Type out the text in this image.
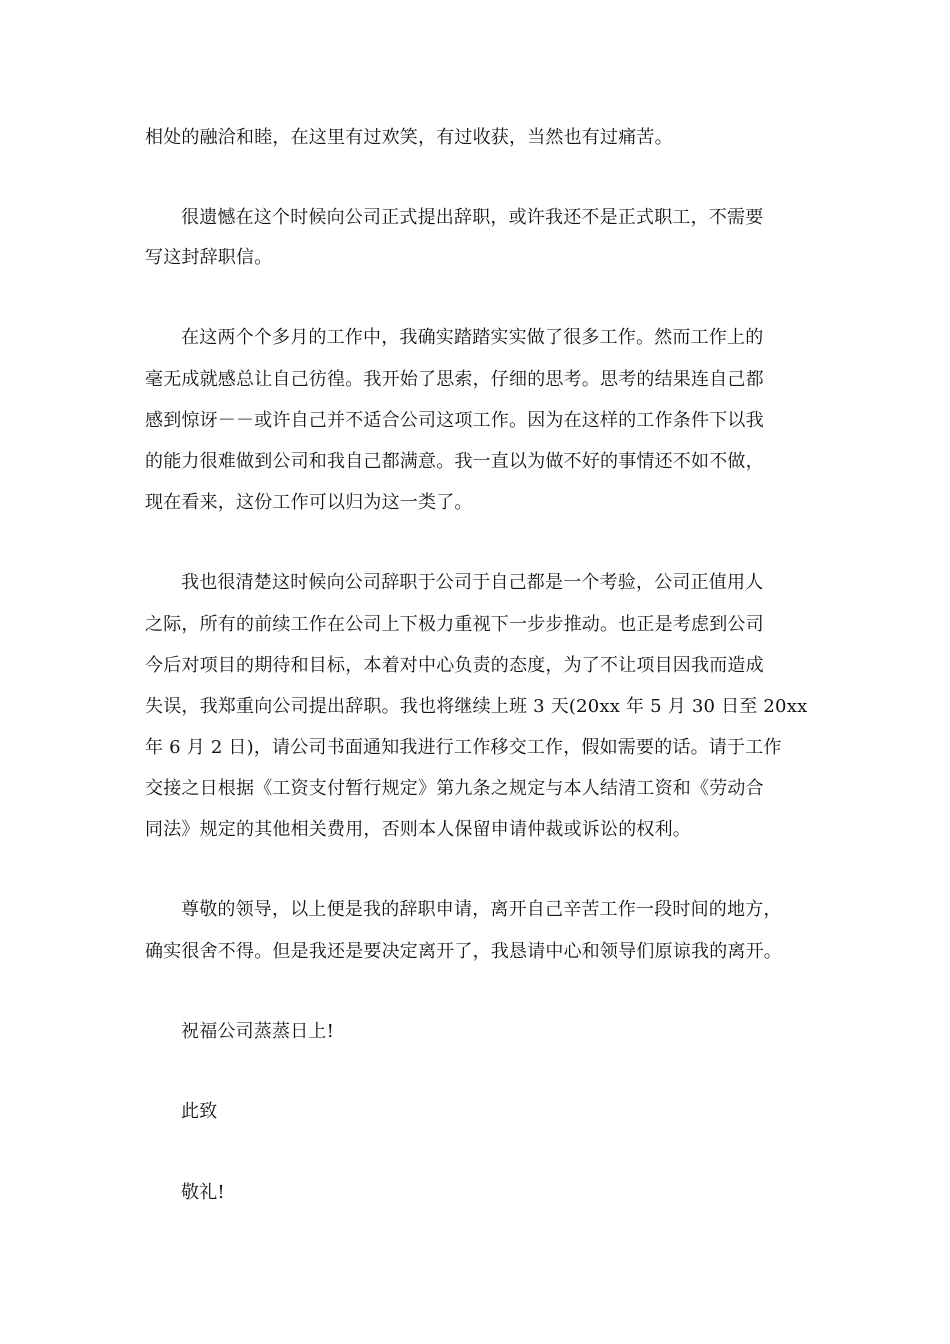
相处的融洽和睦，在这里有过欢笑，有过收获，当然也有过痛苦。
很遗憾在这个时候向公司正式提出辞职，或许我还不是正式职工，不需要
写这封辞职信。
在这两个个多月的工作中，我确实踏踏实实做了很多工作。然而工作上的
毫无成就感总让自己彷徨。我开始了思索，仔细的思考。思考的结果连自己都
感到惊讶－－或许自己并不适合公司这项工作。因为在这样的工作条件下以我
的能力很难做到公司和我自己都满意。我一直以为做不好的事情还不如不做，
现在看来，这份工作可以归为这一类了。
我也很清楚这时候向公司辞职于公司于自己都是一个考验，公司正值用人
之际，所有的前续工作在公司上下极力重视下一步步推动。也正是考虑到公司
今后对项目的期待和目标，本着对中心负责的态度，为了不让项目因我而造成
失误，我郑重向公司提出辞职。我也将继续上班 3 天(20xx 年 5 月 30 日至 20xx
年 6 月 2 日)，请公司书面通知我进行工作移交工作，假如需要的话。请于工作
交接之日根据《工资支付暂行规定》第九条之规定与本人结清工资和《劳动合
同法》规定的其他相关费用，否则本人保留申请仲裁或诉讼的权利。
尊敬的领导，以上便是我的辞职申请，离开自己辛苦工作一段时间的地方，
确实很舍不得。但是我还是要决定离开了，我恳请中心和领导们原谅我的离开。
祝福公司蒸蒸日上!
此致
敬礼!
